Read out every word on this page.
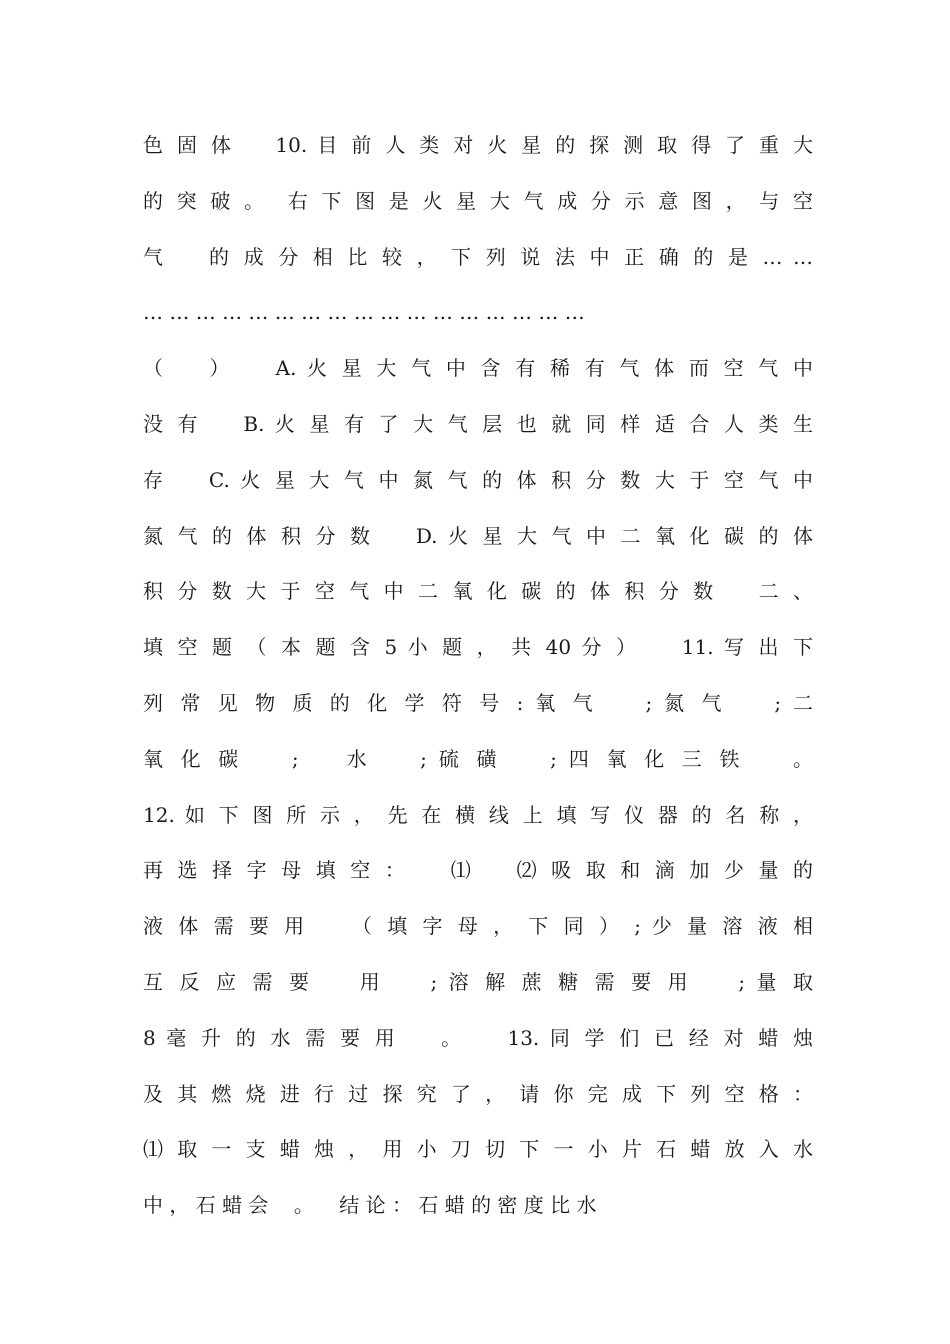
色 固 体    10. 目 前 人 类 对 火 星 的 探 测 取 得 了 重 大
的 突 破 。  右 下 图 是 火 星 大 气 成 分 示 意 图 ， 与 空
气    的 成 分 相 比 较 ， 下 列 说 法 中 正 确 的 是 … …
… … … … … … … … … … … … … … … … …
（    ）    A. 火 星 大 气 中 含 有 稀 有 气 体 而 空 气 中
没 有    B. 火 星 有 了 大 气 层 也 就 同 样 适 合 人 类 生
存    C. 火 星 大 气 中 氮 气 的 体 积 分 数 大 于 空 气 中
氮 气 的 体 积 分 数    D. 火 星 大 气 中 二 氧 化 碳 的 体
积 分 数 大 于 空 气 中 二 氧 化 碳 的 体 积 分 数    二 、
填 空 题 （ 本 题 含 5 小 题 ， 共 40 分 ）    11. 写 出 下
列 常 见 物 质 的 化 学 符 号 : 氧 气    ; 氮 气    ; 二
氧 化 碳    ;    水    ; 硫 磺    ; 四 氧 化 三 铁    。
12. 如 下 图 所 示 ， 先 在 横 线 上 填 写 仪 器 的 名 称 ，
再 选 择 字 母 填 空 ：    ⑴    ⑵ 吸 取 和 滴 加 少 量 的
液 体 需 要 用    （ 填 字 母 ， 下 同 ） ; 少 量 溶 液 相
互 反 应 需 要    用    ; 溶 解 蔗 糖 需 要 用    ; 量 取
8 毫 升 的 水 需 要 用    。    13. 同 学 们 已 经 对 蜡 烛
及 其 燃 烧 进 行 过 探 究 了 ， 请 你 完 成 下 列 空 格 ：
⑴ 取 一 支 蜡 烛 ， 用 小 刀 切 下 一 小 片 石 蜡 放 入 水
中 ， 石 蜡 会    。    结 论 ： 石 蜡 的 密 度 比 水
